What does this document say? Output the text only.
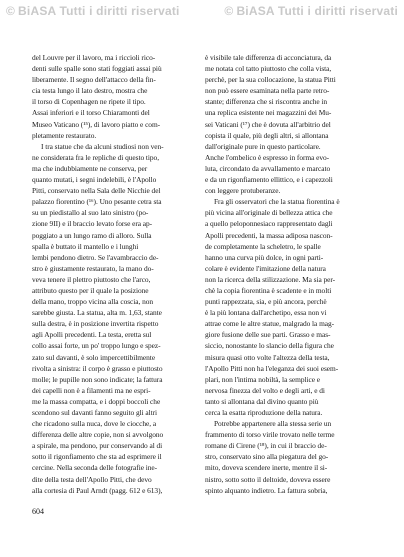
© BiASA Tutti i diritti riservati	© BiASA Tutti i diritti riservati
del Louvre per il lavoro, ma i riccioli rico-
denti sulle spalle sono stati foggiati assai più
liberamente. Il segno dell'attacco della fin-
cia testa lungo il lato destro, mostra che
il torso di Copenhagen ne ripete il tipo.
Assai inferiori e il torso Chiaramonti del
Museo Vaticano (¹⁵), di lavoro piatto e com-
pletamente restaurato.
I tra statue che da alcuni studiosi non ven-
ne considerata fra le repliche di questo tipo,
ma che indubbiamente ne conserva, per
quanto mutati, i segni indelebili, è l'Apollo
Pitti, conservato nella Sala delle Nicchie del
palazzo fiorentino (¹⁶). Uno pesante cetra sta
su un piedistallo al suo lato sinistro (po-
zione 9II) e il braccio levato forse era ap-
poggiato a un lungo ramo di alloro. Sulla
spalla è buttato il mantello e i lunghi
lembi pendono dietro. Se l'avambraccio de-
stro è giustamente restaurato, la mano do-
veva tenere il plettro piuttosto che l'arco,
attributo questo per il quale la posizione
della mano, troppo vicina alla coscia, non
sarebbe giusta. La statua, alta m. 1,63, stante
sulla destra, è in posizione invertita rispetto
agli Apolli precedenti. La testa, eretta sul
collo assai forte, un po' troppo lungo e spez-
zato sul davanti, è solo impercettibilmente
rivolta a sinistra: il corpo è grasso e piuttosto
molle; le pupille non sono indicate; la fattura
dei capelli non è a filamenti ma ne espri-
me la massa compatta, e i doppi boccoli che
scendono sul davanti fanno seguito gli altri
che ricadono sulla nuca, dove le ciocche, a
differenza delle altre copie, non si avvolgono
a spirale, ma pendono, pur conservando al di
sotto il rigonfiamento che sta ad esprimere il
cercine. Nella seconda delle fotografie ine-
dite della testa dell'Apollo Pitti, che devo
alla cortesia di Paul Arndt (pagg. 612 e 613),
è visibile tale differenza di acconciatura, da
me notata col tatto piuttosto che colla vista,
perchè, per la sua collocazione, la statua Pitti
non può essere esaminata nella parte retro-
stante; differenza che si riscontra anche in
una replica esistente nei magazzini dei Mu-
sei Vaticani (¹⁷) che è dovuta all'arbitrio del
copista il quale, più degli altri, si allontana
dall'originale pure in questo particolare.
Anche l'ombelico è espresso in forma evo-
luta, circondato da avvallamento e marcato
e da un rigonfiamento ellittico, e i capezzoli
con leggere protuberanze.
Fra gli osservatori che la statua fiorentina è
più vicina all'originale di bellezza attica che
a quello peloponnesiaco rappresentato dagli
Apolli precedenti, la massa adiposa nascon-
de completamente la scheletro, le spalle
hanno una curva più dolce, in ogni parti-
colare è evidente l'imitazione della natura
non la ricerca della stilizzazione. Ma sia per-
chè la copia fiorentina è scadente e in molti
punti rappezzata, sia, e più ancora, perchè
è la più lontana dall'archetipo, essa non vi
attrae come le altre statue, malgrado la mag-
giore fusione delle sue parti. Grasso e mas-
siccio, nonostante lo slancio della figura che
misura quasi otto volte l'altezza della testa,
l'Apollo Pitti non ha l'eleganza dei suoi esem-
plari, non l'intima nobiltà, la semplice e
nervosa finezza del volto e degli arti, e di
tanto si allontana dal divino quanto più
cerca la esatta riproduzione della natura.
Potrebbe appartenere alla stessa serie un
frammento di torso virile trovato nelle terme
romane di Cirene (¹⁸), in cui il braccio de-
stro, conservato sino alla piegatura del go-
mito, doveva scendere inerte, mentre il si-
nistro, sotto sotto il deltoide, doveva essere
spinto alquanto indietro. La fattura sobria,
604
